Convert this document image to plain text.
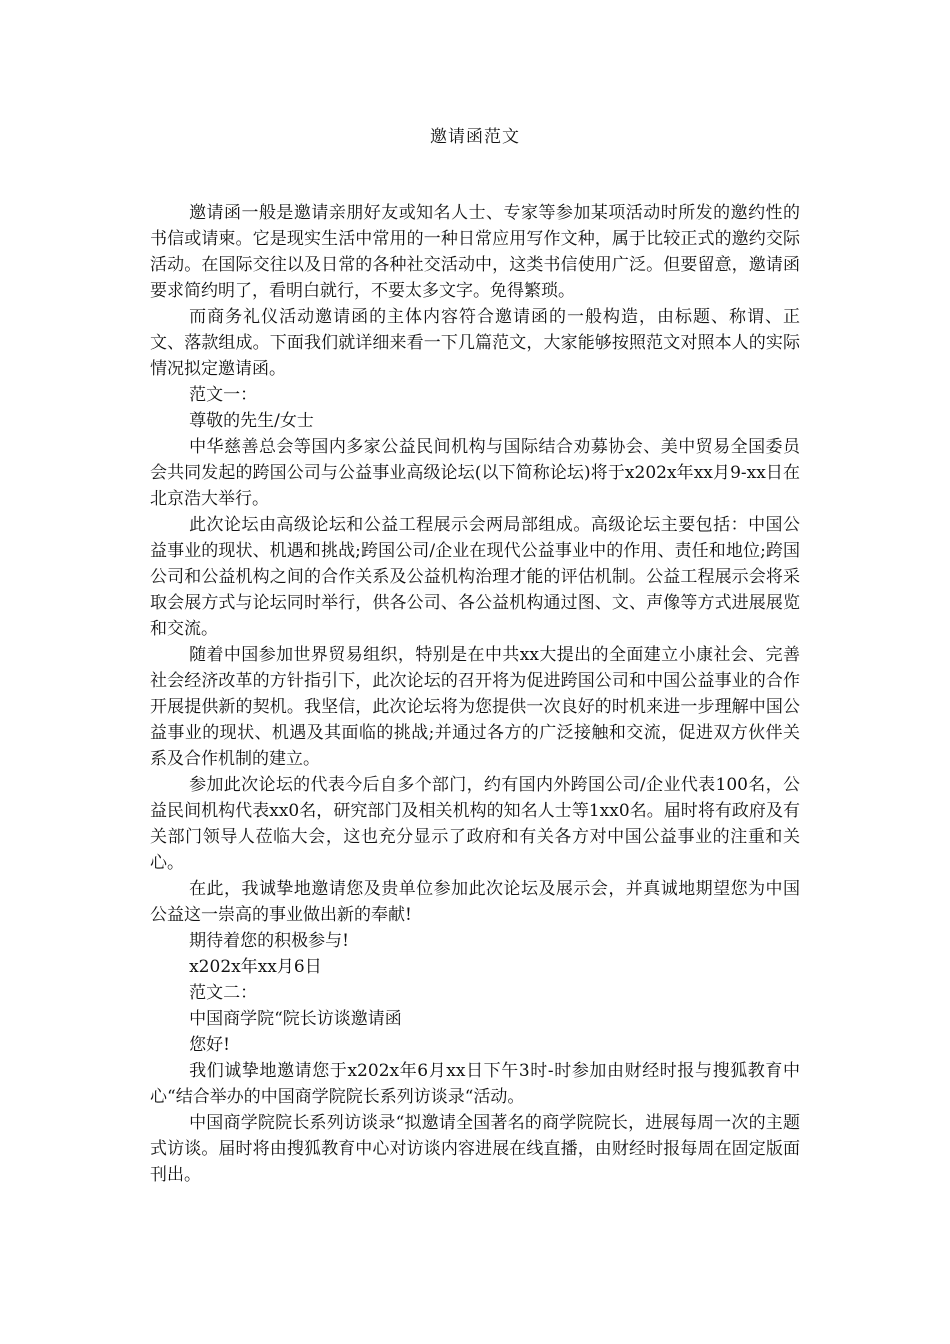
邀请函范文

邀请函一般是邀请亲朋好友或知名人士、专家等参加某项活动时所发的邀约性的书信或请柬。它是现实生活中常用的一种日常应用写作文种，属于比较正式的邀约交际活动。在国际交往以及日常的各种社交活动中，这类书信使用广泛。但要留意，邀请函要求简约明了，看明白就行，不要太多文字。免得繁琐。

而商务礼仪活动邀请函的主体内容符合邀请函的一般构造，由标题、称谓、正文、落款组成。下面我们就详细来看一下几篇范文，大家能够按照范文对照本人的实际情况拟定邀请函。

范文一：

尊敬的先生/女士

中华慈善总会等国内多家公益民间机构与国际结合劝募协会、美中贸易全国委员会共同发起的跨国公司与公益事业高级论坛(以下简称论坛)将于x202x年xx月9-xx日在北京浩大举行。

此次论坛由高级论坛和公益工程展示会两局部组成。高级论坛主要包括：中国公益事业的现状、机遇和挑战;跨国公司/企业在现代公益事业中的作用、责任和地位;跨国公司和公益机构之间的合作关系及公益机构治理才能的评估机制。公益工程展示会将采取会展方式与论坛同时举行，供各公司、各公益机构通过图、文、声像等方式进展展览和交流。

随着中国参加世界贸易组织，特别是在中共xx大提出的全面建立小康社会、完善社会经济改革的方针指引下，此次论坛的召开将为促进跨国公司和中国公益事业的合作开展提供新的契机。我坚信，此次论坛将为您提供一次良好的时机来进一步理解中国公益事业的现状、机遇及其面临的挑战;并通过各方的广泛接触和交流，促进双方伙伴关系及合作机制的建立。

参加此次论坛的代表今后自多个部门，约有国内外跨国公司/企业代表100名，公益民间机构代表xx0名，研究部门及相关机构的知名人士等1xx0名。届时将有政府及有关部门领导人莅临大会，这也充分显示了政府和有关各方对中国公益事业的注重和关心。

在此，我诚挚地邀请您及贵单位参加此次论坛及展示会，并真诚地期望您为中国公益这一崇高的事业做出新的奉献!

期待着您的积极参与!

x202x年xx月6日

范文二：

中国商学院“院长访谈邀请函

您好!

我们诚挚地邀请您于x202x年6月xx日下午3时-时参加由财经时报与搜狐教育中心“结合举办的中国商学院院长系列访谈录“活动。

中国商学院院长系列访谈录“拟邀请全国著名的商学院院长，进展每周一次的主题式访谈。届时将由搜狐教育中心对访谈内容进展在线直播，由财经时报每周在固定版面刊出。
